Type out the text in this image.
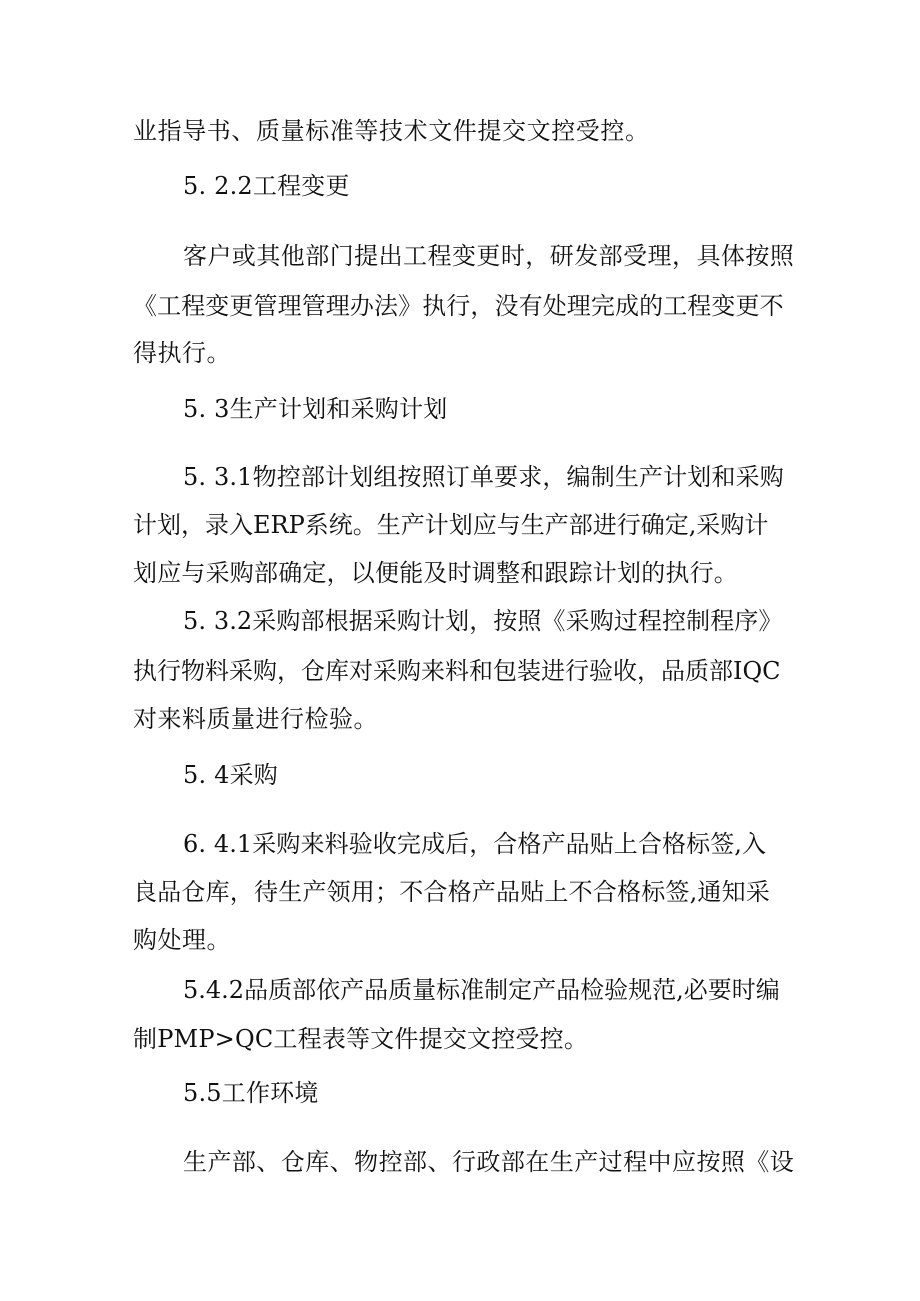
业指导书、质量标准等技术文件提交文控受控。
5. 2.2工程变更
客户或其他部门提出工程变更时，研发部受理，具体按照
《工程变更管理管理办法》执行，没有处理完成的工程变更不
得执行。
5. 3生产计划和采购计划
5. 3.1物控部计划组按照订单要求，编制生产计划和采购
计划，录入ERP系统。生产计划应与生产部进行确定,采购计
划应与采购部确定，以便能及时调整和跟踪计划的执行。
5. 3.2采购部根据采购计划，按照《采购过程控制程序》
执行物料采购，仓库对采购来料和包装进行验收，品质部IQC
对来料质量进行检验。
5. 4采购
6. 4.1采购来料验收完成后，合格产品贴上合格标签,入
良品仓库，待生产领用；不合格产品贴上不合格标签,通知采
购处理。
5.4.2品质部依产品质量标准制定产品检验规范,必要时编
制PMP>QC工程表等文件提交文控受控。
5.5工作环境
生产部、仓库、物控部、行政部在生产过程中应按照《设
